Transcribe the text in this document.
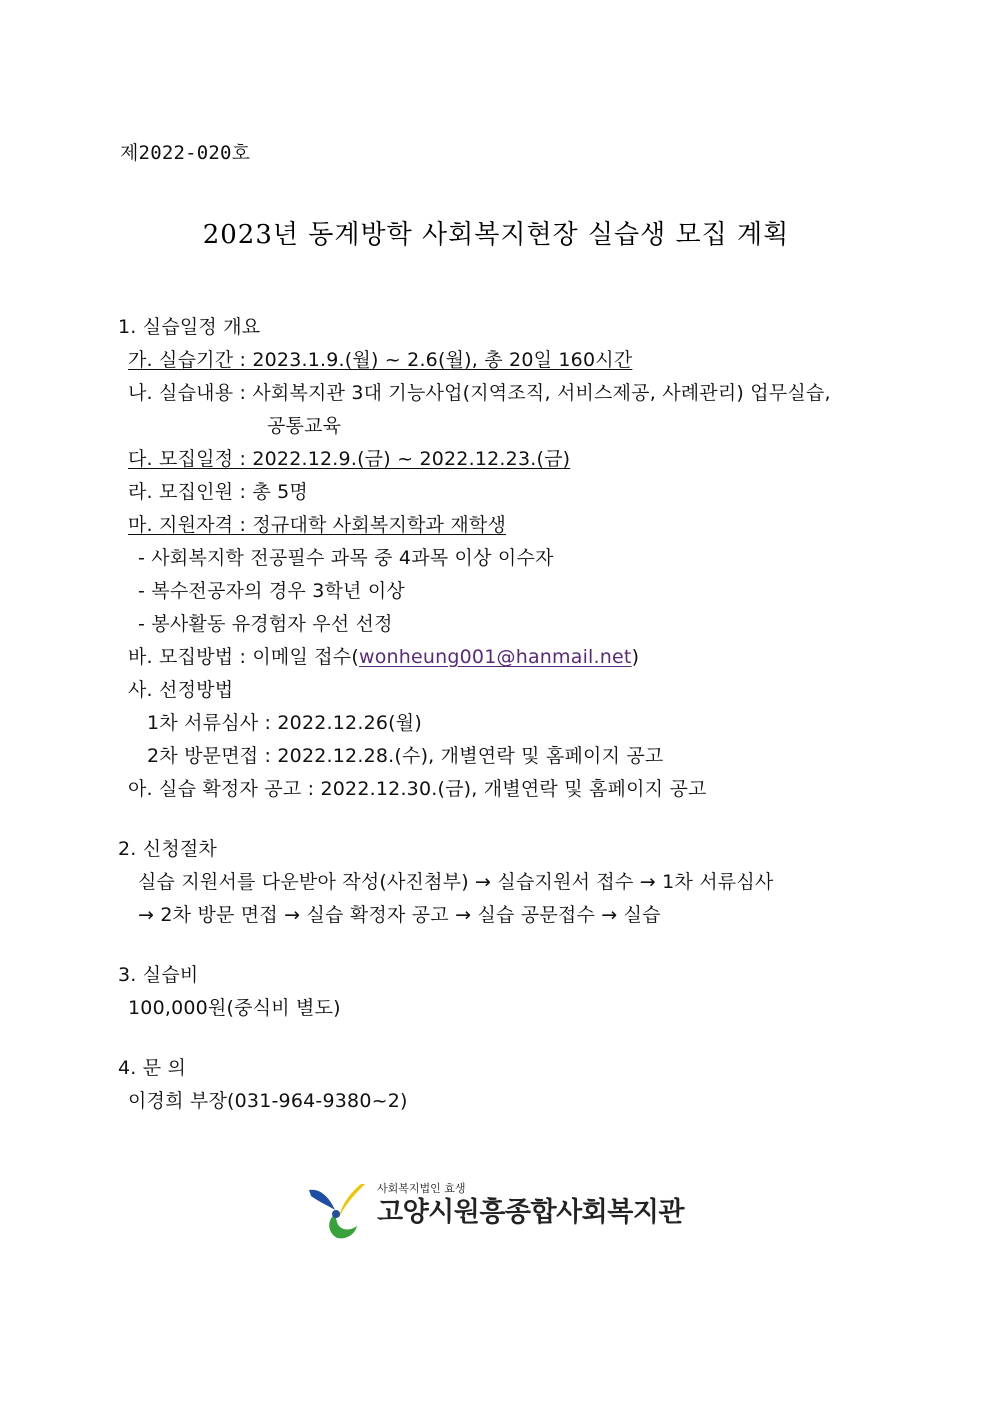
제2022-020호
2023년 동계방학 사회복지현장 실습생 모집 계획
1. 실습일정 개요
가. 실습기간 : 2023.1.9.(월) ~ 2.6(월), 총 20일 160시간
나. 실습내용 : 사회복지관 3대 기능사업(지역조직, 서비스제공, 사례관리) 업무실습,
공통교육
다. 모집일정 : 2022.12.9.(금) ~ 2022.12.23.(금)
라. 모집인원 : 총 5명
마. 지원자격 : 정규대학 사회복지학과 재학생
- 사회복지학 전공필수 과목 중 4과목 이상 이수자
- 복수전공자의 경우 3학년 이상
- 봉사활동 유경험자 우선 선정
바. 모집방법 : 이메일 접수(wonheung001@hanmail.net)
사. 선정방법
1차 서류심사 : 2022.12.26(월)
2차 방문면접 : 2022.12.28.(수), 개별연락 및 홈페이지 공고
아. 실습 확정자 공고 : 2022.12.30.(금), 개별연락 및 홈페이지 공고
2. 신청절차
실습 지원서를 다운받아 작성(사진첨부) → 실습지원서 접수 → 1차 서류심사
→ 2차 방문 면접 → 실습 확정자 공고 → 실습 공문접수 → 실습
3. 실습비
100,000원(중식비 별도)
4. 문 의
이경희 부장(031-964-9380~2)
사회복지법인 효생
고양시원흥종합사회복지관
